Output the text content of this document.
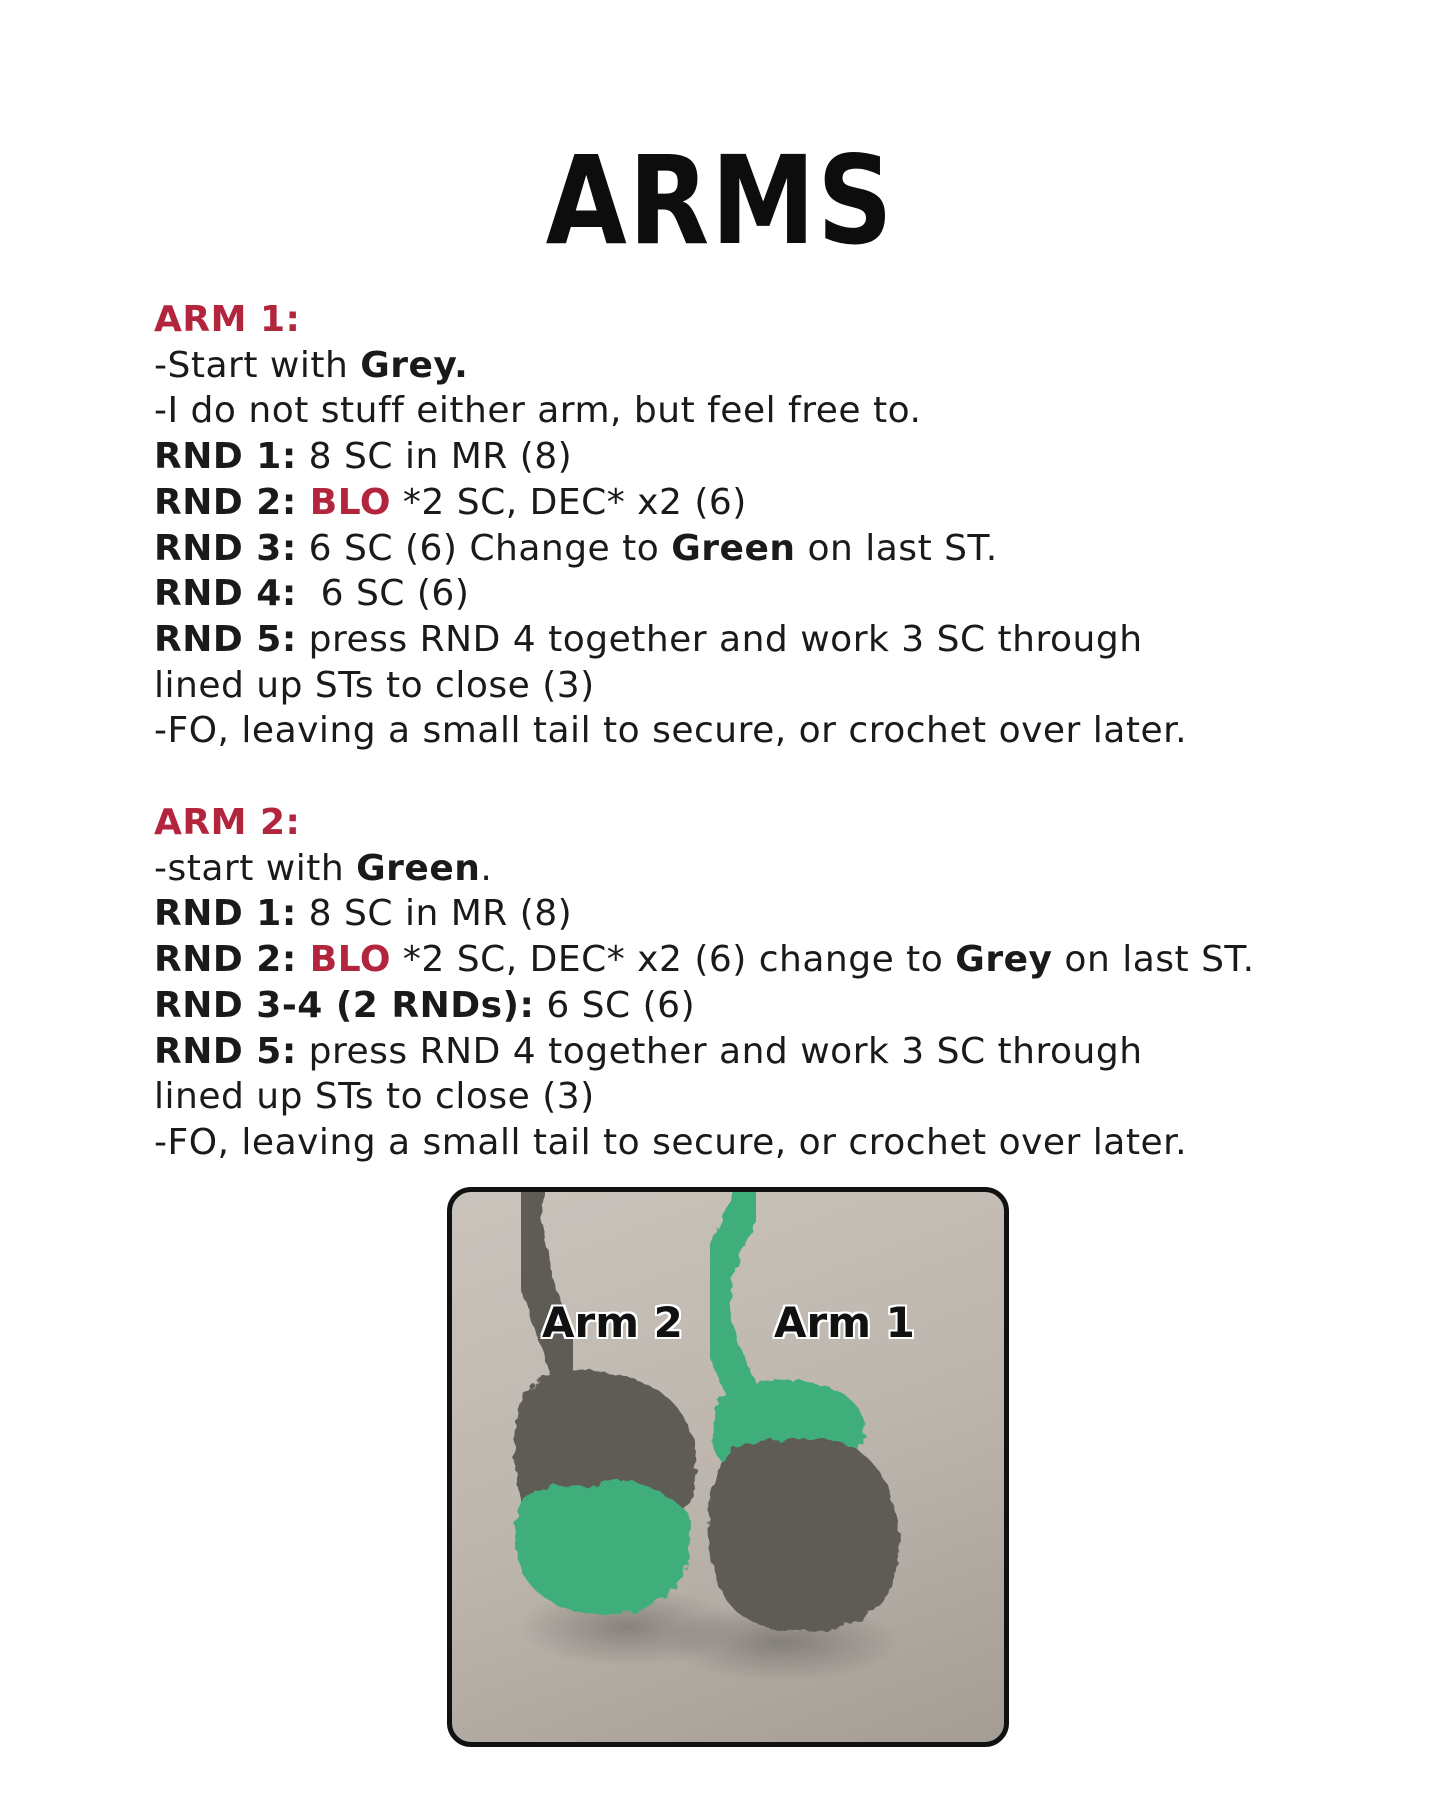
ARMS
ARM 1:
-Start with Grey.
-I do not stuff either arm, but feel free to.
RND 1: 8 SC in MR (8)
RND 2: BLO *2 SC, DEC* x2 (6)
RND 3: 6 SC (6) Change to Green on last ST.
RND 4:  6 SC (6)
RND 5: press RND 4 together and work 3 SC through
lined up STs to close (3)
-FO, leaving a small tail to secure, or crochet over later.
ARM 2:
-start with Green.
RND 1: 8 SC in MR (8)
RND 2: BLO *2 SC, DEC* x2 (6) change to Grey on last ST.
RND 3-4 (2 RNDs): 6 SC (6)
RND 5: press RND 4 together and work 3 SC through
lined up STs to close (3)
-FO, leaving a small tail to secure, or crochet over later.
Arm 2 Arm 1
